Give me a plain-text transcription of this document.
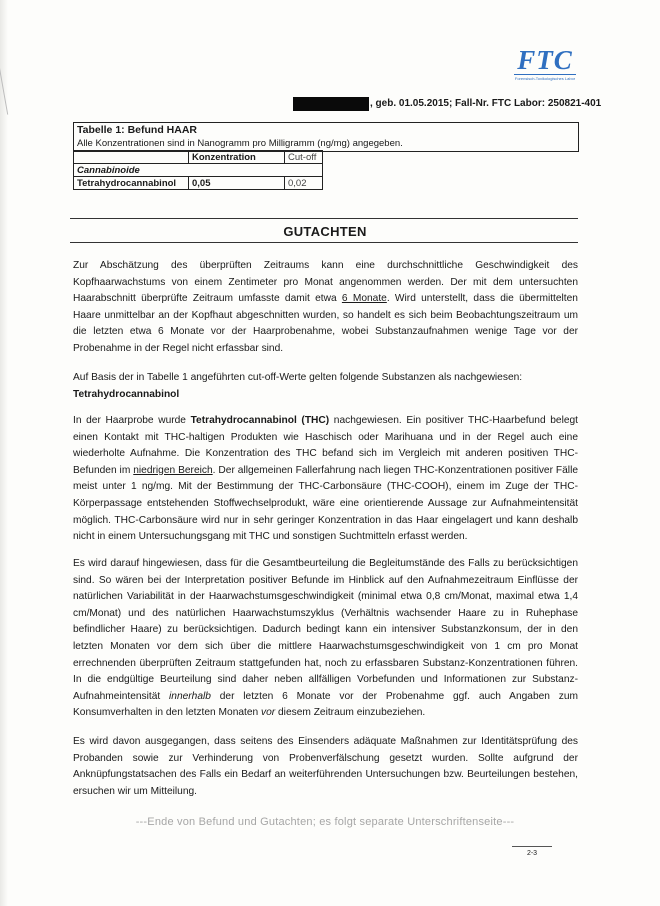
FTC
Forensisch-Toxikologisches Labor
, geb. 01.05.2015; Fall-Nr. FTC Labor: 250821-401
Tabelle 1: Befund HAAR
Alle Konzentrationen sind in Nanogramm pro Milligramm (ng/mg) angegeben.
	Konzentration	Cut-off
Cannabinoide		
Tetrahydrocannabinol	0,05	0,02
GUTACHTEN
Zur Abschätzung des überprüften Zeitraums kann eine durchschnittliche Geschwindigkeit des Kopfhaarwachstums von einem Zentimeter pro Monat angenommen werden. Der mit dem untersuchten Haarabschnitt überprüfte Zeitraum umfasste damit etwa 6 Monate. Wird unterstellt, dass die übermittelten Haare unmittelbar an der Kopfhaut abgeschnitten wurden, so handelt es sich beim Beobachtungszeitraum um die letzten etwa 6 Monate vor der Haarprobenahme, wobei Substanzaufnahmen wenige Tage vor der Probenahme in der Regel nicht erfassbar sind.
Auf Basis der in Tabelle 1 angeführten cut-off-Werte gelten folgende Substanzen als nachgewiesen:
Tetrahydrocannabinol
In der Haarprobe wurde Tetrahydrocannabinol (THC) nachgewiesen. Ein positiver THC-Haarbefund belegt einen Kontakt mit THC-haltigen Produkten wie Haschisch oder Marihuana und in der Regel auch eine wiederholte Aufnahme. Die Konzentration des THC befand sich im Vergleich mit anderen positiven THC-Befunden im niedrigen Bereich. Der allgemeinen Fallerfahrung nach liegen THC-Konzentrationen positiver Fälle meist unter 1 ng/mg. Mit der Bestimmung der THC-Carbonsäure (THC-COOH), einem im Zuge der THC-Körperpassage entstehenden Stoffwechselprodukt, wäre eine orientierende Aussage zur Aufnahmeintensität möglich. THC-Carbonsäure wird nur in sehr geringer Konzentration in das Haar eingelagert und kann deshalb nicht in einem Untersuchungsgang mit THC und sonstigen Suchtmitteln erfasst werden.
Es wird darauf hingewiesen, dass für die Gesamtbeurteilung die Begleitumstände des Falls zu berücksichtigen sind. So wären bei der Interpretation positiver Befunde im Hinblick auf den Aufnahmezeitraum Einflüsse der natürlichen Variabilität in der Haarwachstumsgeschwindigkeit (minimal etwa 0,8 cm/Monat, maximal etwa 1,4 cm/Monat) und des natürlichen Haarwachstumszyklus (Verhältnis wachsender Haare zu in Ruhephase befindlicher Haare) zu berücksichtigen. Dadurch bedingt kann ein intensiver Substanzkonsum, der in den letzten Monaten vor dem sich über die mittlere Haarwachstumsgeschwindigkeit von 1 cm pro Monat errechnenden überprüften Zeitraum stattgefunden hat, noch zu erfassbaren Substanz-Konzentrationen führen. In die endgültige Beurteilung sind daher neben allfälligen Vorbefunden und Informationen zur Substanz-Aufnahmeintensität innerhalb der letzten 6 Monate vor der Probenahme ggf. auch Angaben zum Konsumverhalten in den letzten Monaten vor diesem Zeitraum einzubeziehen.
Es wird davon ausgegangen, dass seitens des Einsenders adäquate Maßnahmen zur Identitätsprüfung des Probanden sowie zur Verhinderung von Probenverfälschung gesetzt wurden. Sollte aufgrund der Anknüpfungstatsachen des Falls ein Bedarf an weiterführenden Untersuchungen bzw. Beurteilungen bestehen, ersuchen wir um Mitteilung.
---Ende von Befund und Gutachten; es folgt separate Unterschriftenseite---
2-3
